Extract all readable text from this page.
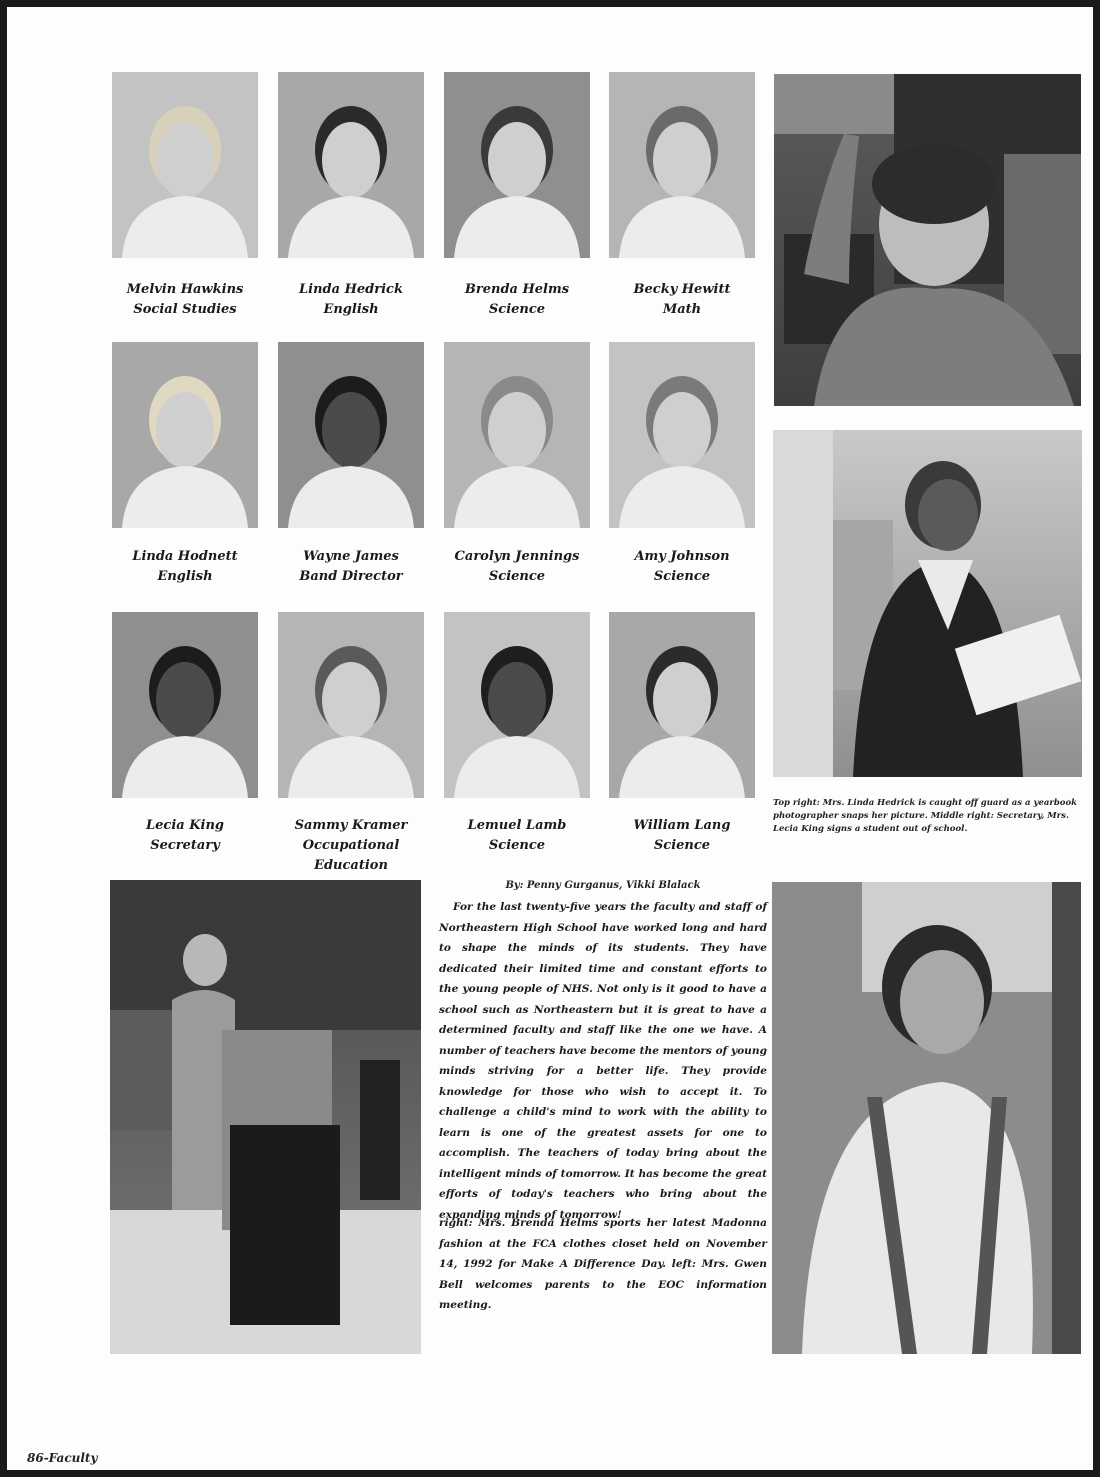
Melvin Hawkins
Social Studies
Linda Hedrick
English
Brenda Helms
Science
Becky Hewitt
Math
Linda Hodnett
English
Wayne James
Band Director
Carolyn Jennings
Science
Amy Johnson
Science
Lecia King
Secretary
Sammy Kramer
Occupational Education
Lemuel Lamb
Science
William Lang
Science
Top right: Mrs. Linda Hedrick is caught off guard as a yearbook photographer snaps her picture. Middle right: Secretary, Mrs. Lecia King signs a student out of school.
By: Penny Gurganus, Vikki Blalack

For the last twenty-five years the faculty and staff of Northeastern High School have worked long and hard to shape the minds of its students. They have dedicated their limited time and constant efforts to the young people of NHS. Not only is it good to have a school such as Northeastern but it is great to have a determined faculty and staff like the one we have. A number of teachers have become the mentors of young minds striving for a better life. They provide knowledge for those who wish to accept it. To challenge a child's mind to work with the ability to learn is one of the greatest assets for one to accomplish. The teachers of today bring about the intelligent minds of tomorrow. It has become the great efforts of today's teachers who bring about the expanding minds of tomorrow!

right: Mrs. Brenda Helms sports her latest Madonna fashion at the FCA clothes closet held on November 14, 1992 for Make A Difference Day. left: Mrs. Gwen Bell welcomes parents to the EOC information meeting.

86-Faculty
